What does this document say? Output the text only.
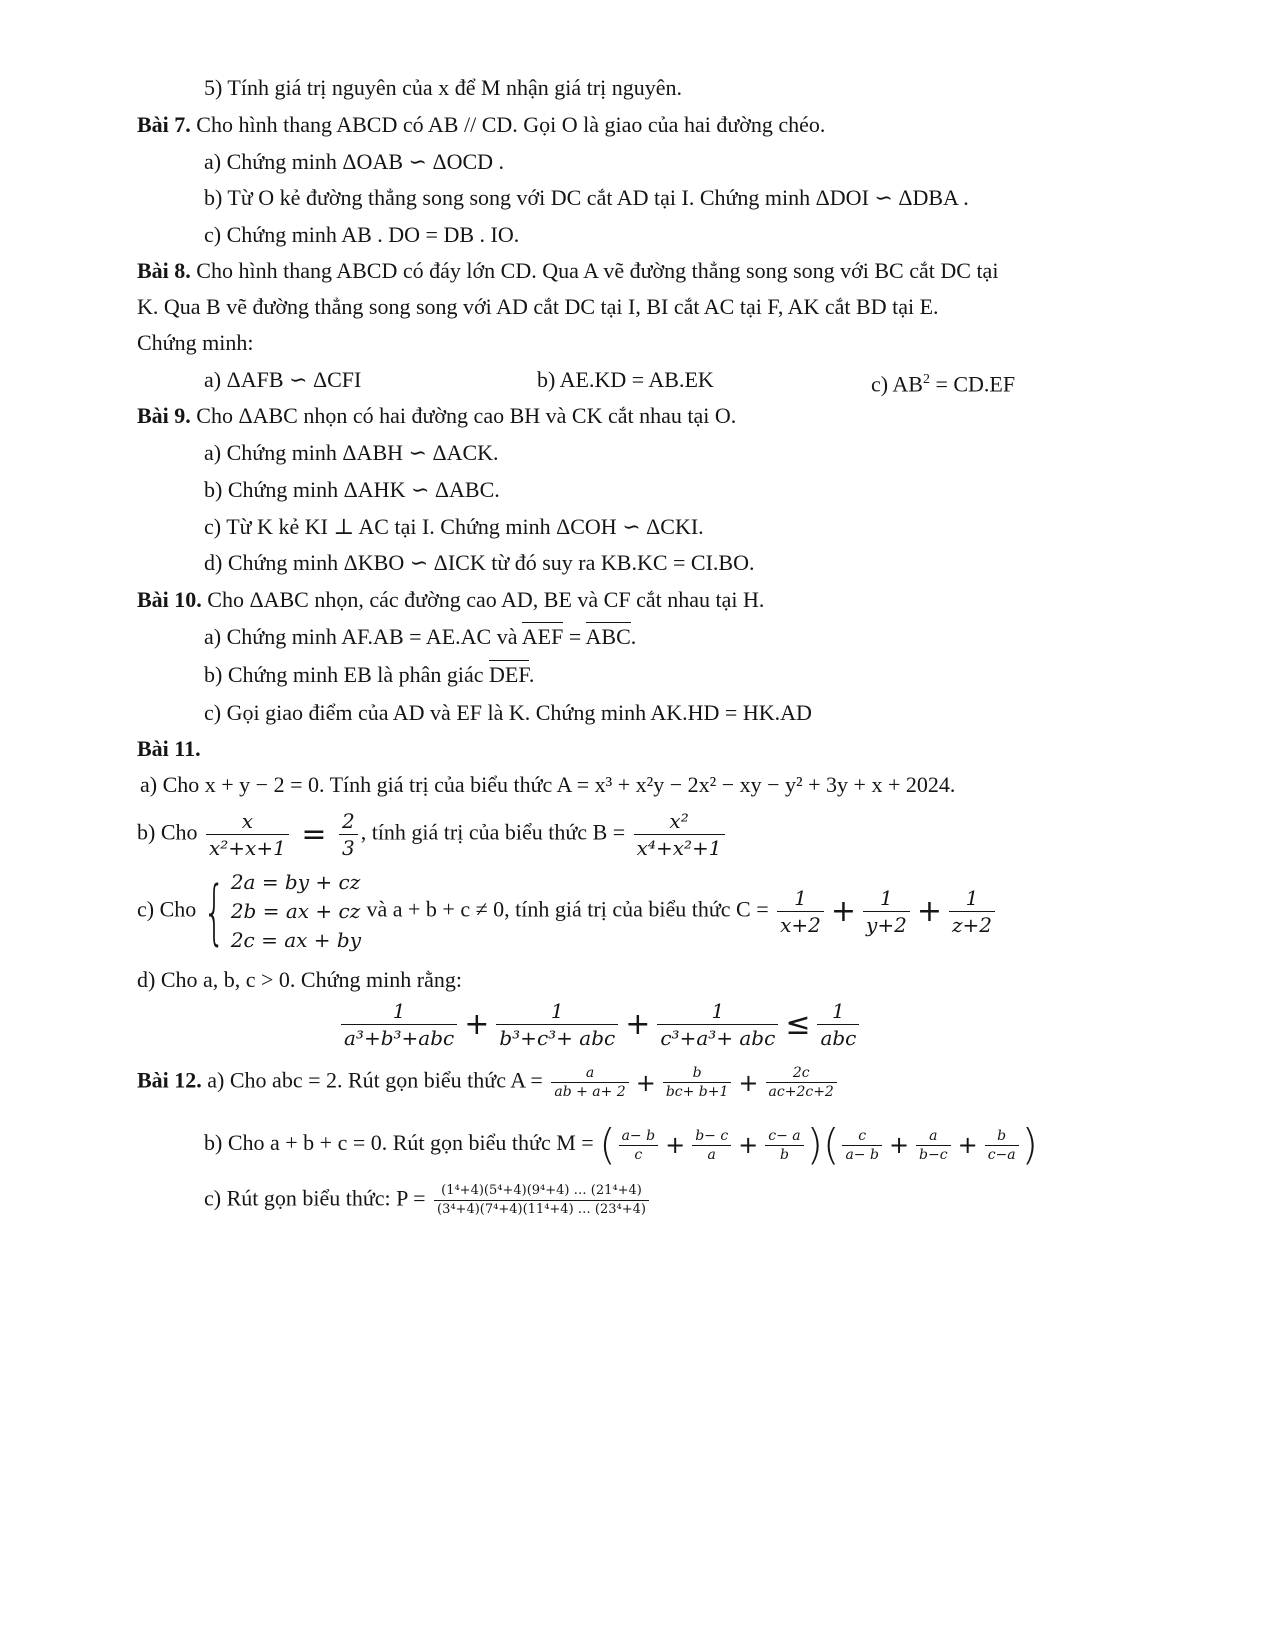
5) Tính giá trị nguyên của x để M nhận giá trị nguyên.
Bài 7. Cho hình thang ABCD có AB // CD. Gọi O là giao của hai đường chéo.
a) Chứng minh ΔOAB ∽ ΔOCD .
b) Từ O kẻ đường thẳng song song với DC cắt AD tại I. Chứng minh ΔDOI ∽ ΔDBA .
c) Chứng minh AB . DO = DB . IO.
Bài 8. Cho hình thang ABCD có đáy lớn CD. Qua A vẽ đường thẳng song song với BC cắt DC tại
K. Qua B vẽ đường thẳng song song với AD cắt DC tại I, BI cắt AC tại F, AK cắt BD tại E.
Chứng minh:
a) ΔAFB ∽ ΔCFI	b) AE.KD = AB.EK	c) $AB^2 = CD.EF$
Bài 9. Cho ΔABC nhọn có hai đường cao BH và CK cắt nhau tại O.
a) Chứng minh ΔABH ∽ ΔACK.
b) Chứng minh ΔAHK ∽ ΔABC.
c) Từ K kẻ KI ⊥ AC tại I. Chứng minh ΔCOH ∽ ΔCKI.
d) Chứng minh ΔKBO ∽ ΔICK từ đó suy ra KB.KC = CI.BO.
Bài 10. Cho ΔABC nhọn, các đường cao AD, BE và CF cắt nhau tại H.
a) Chứng minh AF.AB = AE.AC và AEF = ABC.
b) Chứng minh EB là phân giác DEF.
c) Gọi giao điểm của AD và EF là K. Chứng minh AK.HD = HK.AD
Bài 11.
a) Cho x + y − 2 = 0. Tính giá trị của biểu thức A = x³ + x²y − 2x² − xy − y² + 3y + x + 2024.
b) Cho $\frac{x}{\text{x²+x+1}} = \frac{2}{3}$ , tính giá trị của biểu thức $B = \frac{\text{x²}}{\text{x⁴+x²+1}}$
c) Cho { 2a = by + cz
2b = ax + cz
2c = ax + by
và a + b + c ≠ 0, tính giá trị của biểu thức $C = \frac{1}{x+2} + \frac{1}{y+2} + \frac{1}{z+2}$
d) Cho a, b, c > 0. Chứng minh rằng:
$\frac{1}{\text{a³+b³+abc}} + \frac{1}{\text{b³+c³+ abc}} + \frac{1}{\text{c³+a³+ abc}} \le \frac{1}{\text{abc}}$
Bài 12. a) Cho abc = 2. Rút gọn biểu thức $A = \frac{a}{ab + a+ 2} + \frac{b}{bc+ b+1} + \frac{2c}{ac+2c+2}$
b) Cho a + b + c = 0. Rút gọn biểu thức M = ( $\frac{a- b}{c} + \frac{b- c}{a} + \frac{c- a}{b}$ )( $\frac{c}{a- b} + \frac{a}{b-c} + \frac{b}{c-a}$ )
c) Rút gọn biểu thức: $P = \frac{\text{(1⁴+4)(5⁴+4)(9⁴+4) … (21⁴+4)}}{\text{(3⁴+4)(7⁴+4)(11⁴+4) … (23⁴+4)}}$
